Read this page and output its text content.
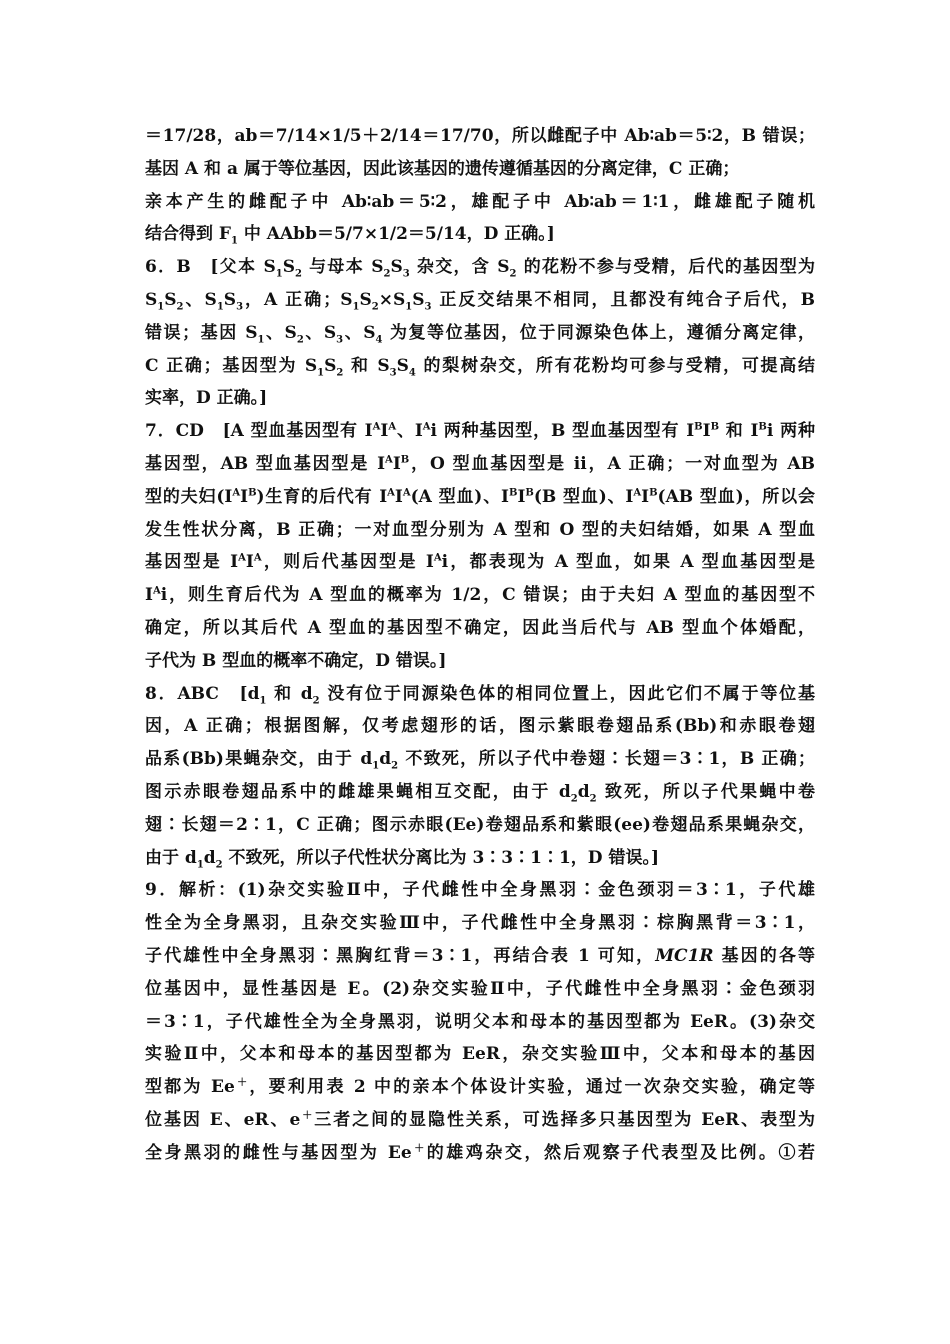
＝17/28，ab＝7/14×1/5＋2/14＝17/70，所以雌配子中 Ab∶ab＝5∶2，B 错误；
基因 A 和 a 属于等位基因，因此该基因的遗传遵循基因的分离定律，C 正确；
亲本产生的雌配子中 Ab∶ab＝5∶2，雄配子中 Ab∶ab＝1∶1，雌雄配子随机
结合得到 $F_1$ 中 AAbb＝5/7×1/2＝5/14，D 正确。]
6．B　[父本 $S_1S_2$ 与母本 $S_2S_3$ 杂交，含 $S_2$ 的花粉不参与受精，后代的基因型为
$S_1S_2$、$S_1S_3$，A 正确；$S_1S_2\times S_1S_3$ 正反交结果不相同，且都没有纯合子后代，B
错误；基因 $S_1$、$S_2$、$S_3$、$S_4$ 为复等位基因，位于同源染色体上，遵循分离定律，
C 正确；基因型为 $S_1S_2$ 和 $S_3S_4$ 的梨树杂交，所有花粉均可参与受精，可提高结
实率，D 正确。]
7．CD　[A 型血基因型有 $I^AI^A$、$I^Ai$ 两种基因型，B 型血基因型有 $I^BI^B$ 和 $I^Bi$ 两种
基因型，AB 型血基因型是 $I^AI^B$，O 型血基因型是 ii，A 正确；一对血型为 AB
型的夫妇$(I^AI^B)$生育的后代有 $I^AI^A(A$ 型血)、$I^BI^B(B$ 型血)、$I^AI^B(AB$ 型血)，所以会
发生性状分离，B 正确；一对血型分别为 A 型和 O 型的夫妇结婚，如果 A 型血
基因型是 $I^AI^A$，则后代基因型是 $I^Ai$，都表现为 A 型血，如果 A 型血基因型是
$I^Ai$，则生育后代为 A 型血的概率为 1/2，C 错误；由于夫妇 A 型血的基因型不
确定，所以其后代 A 型血的基因型不确定，因此当后代与 AB 型血个体婚配，
子代为 B 型血的概率不确定，D 错误。]
8．ABC　[$d_1$ 和 $d_2$ 没有位于同源染色体的相同位置上，因此它们不属于等位基
因，A 正确；根据图解，仅考虑翅形的话，图示紫眼卷翅品系(Bb)和赤眼卷翅
品系(Bb)果蝇杂交，由于 $d_1d_2$ 不致死，所以子代中卷翅∶长翅＝3∶1，B 正确；
图示赤眼卷翅品系中的雌雄果蝇相互交配，由于 $d_2d_2$ 致死，所以子代果蝇中卷
翅∶长翅＝2∶1，C 正确；图示赤眼(Ee)卷翅品系和紫眼(ee)卷翅品系果蝇杂交，
由于 $d_1d_2$ 不致死，所以子代性状分离比为 3∶3∶1∶1，D 错误。]
9．解析：(1)杂交实验Ⅱ中，子代雌性中全身黑羽∶金色颈羽＝3∶1，子代雄
性全为全身黑羽，且杂交实验Ⅲ中，子代雌性中全身黑羽∶棕胸黑背＝3∶1，
子代雄性中全身黑羽∶黑胸红背＝3∶1，再结合表 1 可知，MC1R 基因的各等
位基因中，显性基因是 E。(2)杂交实验Ⅱ中，子代雌性中全身黑羽∶金色颈羽
＝3∶1，子代雄性全为全身黑羽，说明父本和母本的基因型都为 EeR。(3)杂交
实验Ⅱ中，父本和母本的基因型都为 EeR，杂交实验Ⅲ中，父本和母本的基因
型都为 Ee＋，要利用表 2 中的亲本个体设计实验，通过一次杂交实验，确定等
位基因 E、eR、e＋三者之间的显隐性关系，可选择多只基因型为 EeR、表型为
全身黑羽的雌性与基因型为 Ee＋的雄鸡杂交，然后观察子代表型及比例。①若
